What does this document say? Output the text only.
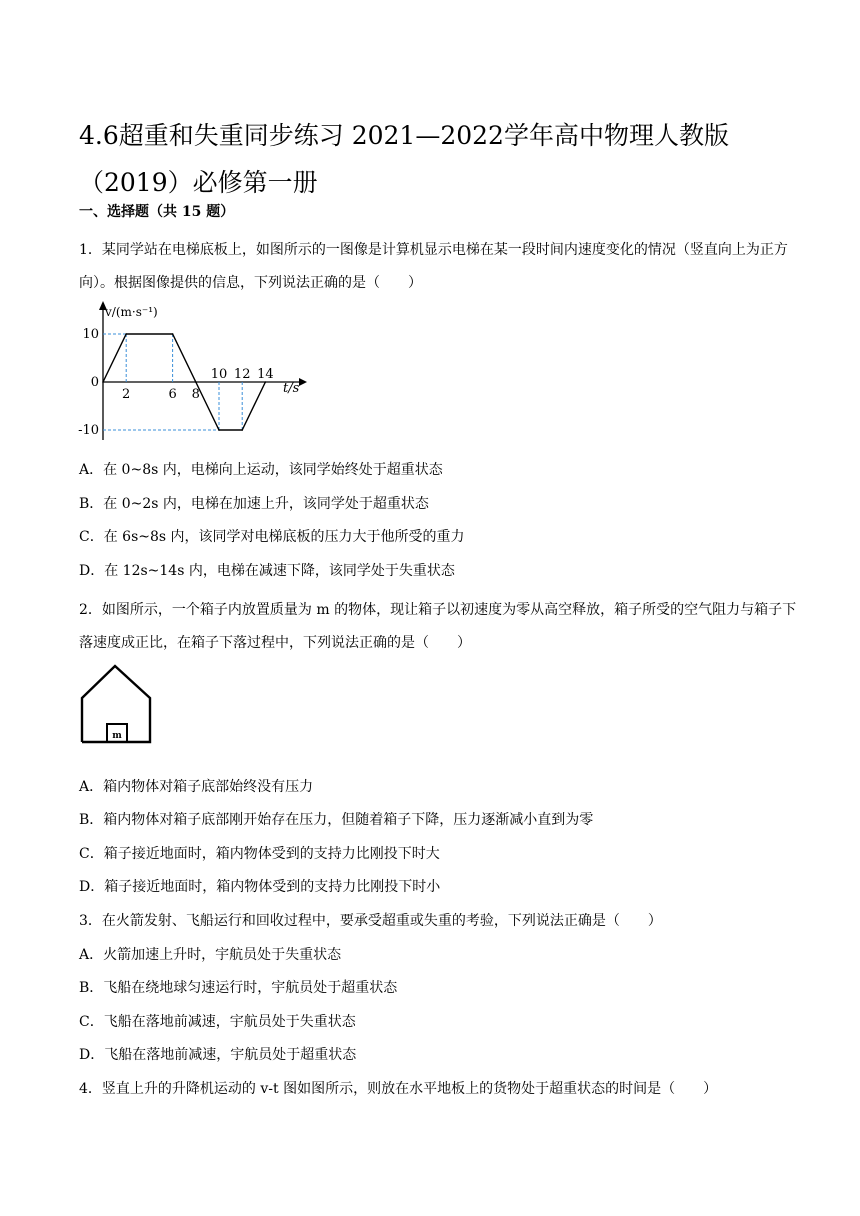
4.6超重和失重同步练习 2021—2022学年高中物理人教版（2019）必修第一册
一、选择题（共 15 题）

1．某同学站在电梯底板上，如图所示的一图像是计算机显示电梯在某一段时间内速度变化的情况（竖直向上为正方向）。根据图像提供的信息，下列说法正确的是（　　）

v/(m·s⁻¹)
t/s
10
0
-10
2	6 8
10 12 14
A．在 0~8s 内，电梯向上运动，该同学始终处于超重状态
B．在 0~2s 内，电梯在加速上升，该同学处于超重状态
C．在 6s~8s 内，该同学对电梯底板的压力大于他所受的重力
D．在 12s~14s 内，电梯在减速下降，该同学处于失重状态

2．如图所示，一个箱子内放置质量为 m 的物体，现让箱子以初速度为零从高空释放，箱子所受的空气阻力与箱子下落速度成正比，在箱子下落过程中，下列说法正确的是（　　）

m
A．箱内物体对箱子底部始终没有压力
B．箱内物体对箱子底部刚开始存在压力，但随着箱子下降，压力逐渐减小直到为零
C．箱子接近地面时，箱内物体受到的支持力比刚投下时大
D．箱子接近地面时，箱内物体受到的支持力比刚投下时小
3．在火箭发射、飞船运行和回收过程中，要承受超重或失重的考验，下列说法正确是（　　）
A．火箭加速上升时，宇航员处于失重状态
B．飞船在绕地球匀速运行时，宇航员处于超重状态
C．飞船在落地前减速，宇航员处于失重状态
D．飞船在落地前减速，宇航员处于超重状态
4．竖直上升的升降机运动的 v-t 图如图所示，则放在水平地板上的货物处于超重状态的时间是（　　）
